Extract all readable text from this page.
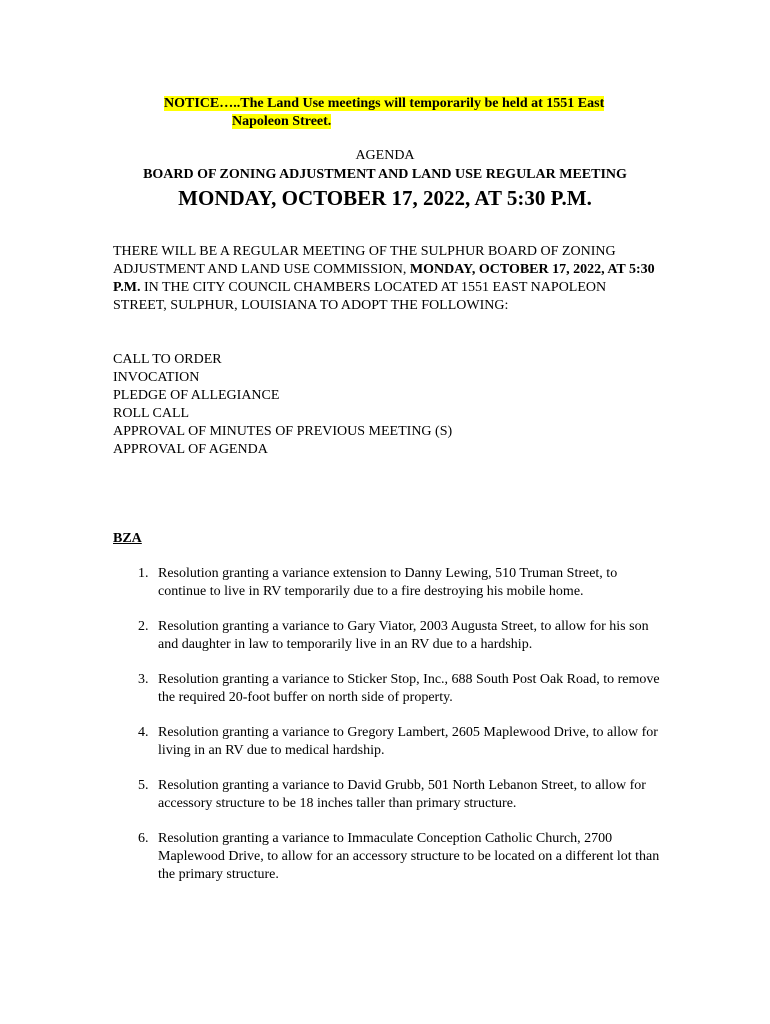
NOTICE…..The Land Use meetings will temporarily be held at 1551 East
Napoleon Street.
AGENDA
BOARD OF ZONING ADJUSTMENT AND LAND USE REGULAR MEETING
MONDAY, OCTOBER 17, 2022, AT 5:30 P.M.
THERE WILL BE A REGULAR MEETING OF THE SULPHUR BOARD OF ZONING ADJUSTMENT AND LAND USE COMMISSION, MONDAY, OCTOBER 17, 2022, AT 5:30 P.M. IN THE CITY COUNCIL CHAMBERS LOCATED AT 1551 EAST NAPOLEON STREET, SULPHUR, LOUISIANA TO ADOPT THE FOLLOWING:
CALL TO ORDER
INVOCATION
PLEDGE OF ALLEGIANCE
ROLL CALL
APPROVAL OF MINUTES OF PREVIOUS MEETING (S)
APPROVAL OF AGENDA
BZA
1. Resolution granting a variance extension to Danny Lewing, 510 Truman Street, to continue to live in RV temporarily due to a fire destroying his mobile home.
2. Resolution granting a variance to Gary Viator, 2003 Augusta Street, to allow for his son and daughter in law to temporarily live in an RV due to a hardship.
3. Resolution granting a variance to Sticker Stop, Inc., 688 South Post Oak Road, to remove the required 20-foot buffer on north side of property.
4. Resolution granting a variance to Gregory Lambert, 2605 Maplewood Drive, to allow for living in an RV due to medical hardship.
5. Resolution granting a variance to David Grubb, 501 North Lebanon Street, to allow for accessory structure to be 18 inches taller than primary structure.
6. Resolution granting a variance to Immaculate Conception Catholic Church, 2700 Maplewood Drive, to allow for an accessory structure to be located on a different lot than the primary structure.
